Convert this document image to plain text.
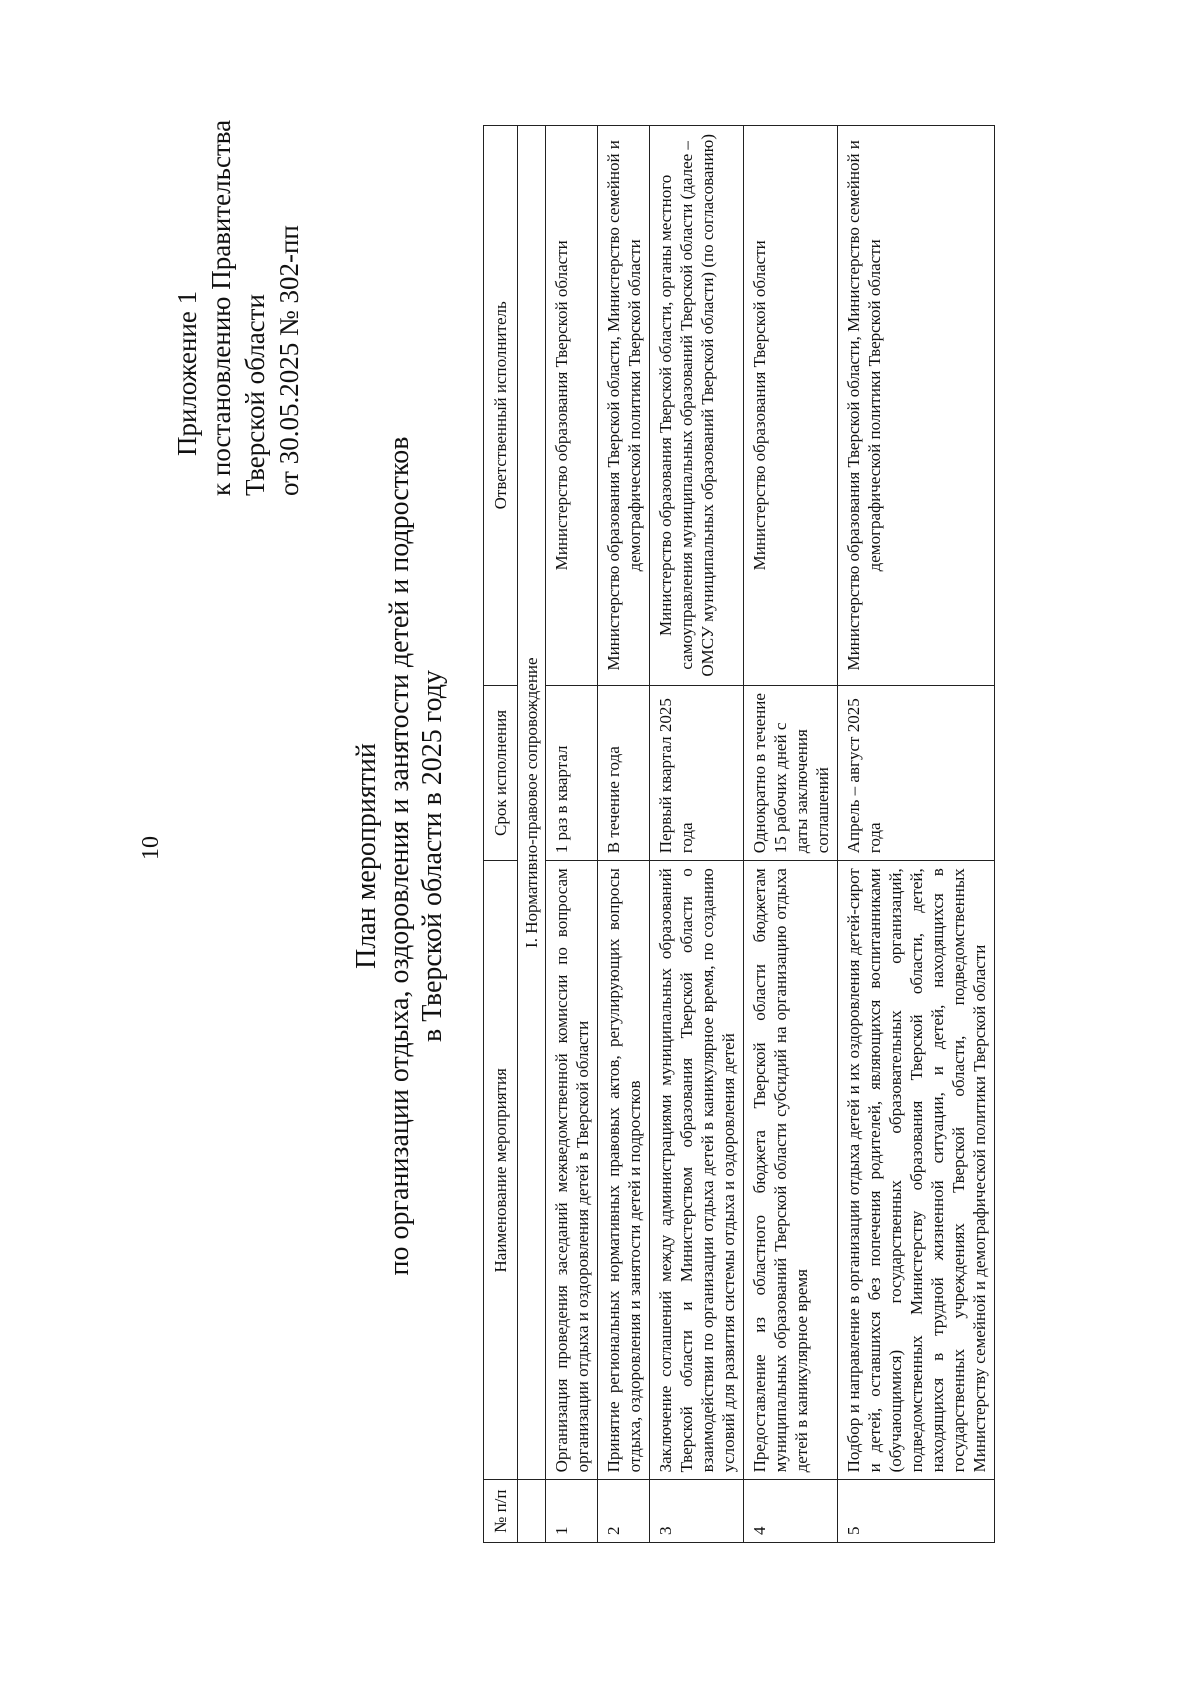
10
Приложение 1 к постановлению Правительства Тверской области от 30.05.2025 № 302-пп
План мероприятий по организации отдыха, оздоровления и занятости детей и подростков в Тверской области в 2025 году
№ п/п	Наименование мероприятия	Срок исполнения	Ответственный исполнитель
	I. Нормативно-правовое сопровождение		
1	Организация проведения заседаний межведомственной комиссии по вопросам организации отдыха и оздоровления детей в Тверской области	1 раз в квартал	Министерство образования Тверской области
2	Принятие региональных нормативных правовых актов, регулирующих вопросы отдыха, оздоровления и занятости детей и подростков	В течение года	Министерство образования Тверской области, Министерство семейной и демографической политики Тверской области
3	Заключение соглашений между администрациями муниципальных образований Тверской области и Министерством образования Тверской области о взаимодействии по организации отдыха детей в каникулярное время, по созданию условий для развития системы отдыха и оздоровления детей	Первый квартал 2025 года	Министерство образования Тверской области, органы местного самоуправления муниципальных образований Тверской области (далее – ОМСУ муниципальных образований Тверской области) (по согласованию)
4	Предоставление из областного бюджета Тверской области бюджетам муниципальных образований Тверской области субсидий на организацию отдыха детей в каникулярное время	Однократно в течение 15 рабочих дней с даты заключения соглашений	Министерство образования Тверской области
5	Подбор и направление в организации отдыха детей и их оздоровления детей-сирот и детей, оставшихся без попечения родителей, являющихся воспитанниками (обучающимися) государственных образовательных организаций, подведомственных Министерству образования Тверской области, детей, находящихся в трудной жизненной ситуации, и детей, находящихся в государственных учреждениях Тверской области, подведомственных Министерству семейной и демографической политики Тверской области	Апрель – август 2025 года	Министерство образования Тверской области, Министерство семейной и демографической политики Тверской области
